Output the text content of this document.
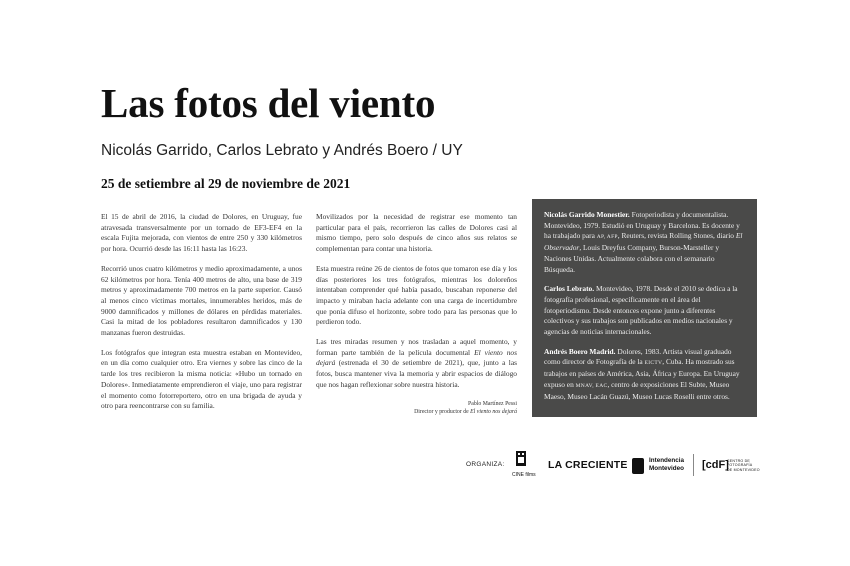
Las fotos del viento

Nicolás Garrido, Carlos Lebrato y Andrés Boero / UY

25 de setiembre al 29 de noviembre de 2021

El 15 de abril de 2016, la ciudad de Dolores, en Uruguay, fue atravesada transversalmente por un tornado de EF3-EF4 en la escala Fujita mejorada, con vientos de entre 250 y 330 kilómetros por hora. Ocurrió desde las 16:11 hasta las 16:23.

Recorrió unos cuatro kilómetros y medio aproximadamente, a unos 62 kilómetros por hora. Tenía 400 metros de alto, una base de 319 metros y aproximadamente 700 metros en la parte superior. Causó al menos cinco víctimas mortales, innumerables heridos, más de 9000 damnificados y millones de dólares en pérdidas materiales. Casi la mitad de los pobladores resultaron damnificados y 130 manzanas fueron destruidas.

Los fotógrafos que integran esta muestra estaban en Montevideo, en un día como cualquier otro. Era viernes y sobre las cinco de la tarde los tres recibieron la misma noticia: «Hubo un tornado en Dolores». Inmediatamente emprendieron el viaje, uno para registrar el momento como fotorreportero, otro en una brigada de ayuda y otro para reencontrarse con su familia.

Movilizados por la necesidad de registrar ese momento tan particular para el país, recorrieron las calles de Dolores casi al mismo tiempo, pero solo después de cinco años sus relatos se complementan para contar una historia.

Esta muestra reúne 26 de cientos de fotos que tomaron ese día y los días posteriores los tres fotógrafos, mientras los doloreños intentaban comprender qué había pasado, buscaban reponerse del impacto y miraban hacia adelante con una carga de incertidumbre que ponía difuso el horizonte, sobre todo para las personas que lo perdieron todo.

Las tres miradas resumen y nos trasladan a aquel momento, y forman parte también de la película documental El viento nos dejará (estrenada el 30 de setiembre de 2021), que, junto a las fotos, busca mantener viva la memoria y abrir espacios de diálogo que nos hagan reflexionar sobre nuestra historia.

Pablo Martínez Pessi
Director y productor de El viento nos dejará

Nicolás Garrido Monestier. Fotoperiodista y documentalista. Montevideo, 1979. Estudió en Uruguay y Barcelona. Es docente y ha trabajado para AP, AFP, Reuters, revista Rolling Stones, diario El Observador, Louis Dreyfus Company, Burson-Marsteller y Naciones Unidas. Actualmente colabora con el semanario Búsqueda.

Carlos Lebrato. Montevideo, 1978. Desde el 2010 se dedica a la fotografía profesional, específicamente en el área del fotoperiodismo. Desde entonces expone junto a diferentes colectivos y sus trabajos son publicados en medios nacionales y agencias de noticias internacionales.

Andrés Boero Madrid. Dolores, 1983. Artista visual graduado como director de Fotografía de la EICTV, Cuba. Ha mostrado sus trabajos en países de América, Asia, África y Europa. En Uruguay expuso en MNAV, EAC, centro de exposiciones El Subte, Museo Maeso, Museo Lacán Guazú, Museo Lucas Roselli entre otros.

ORGANIZA:
CINE films
LA CRECIENTE	Intendencia
Montevideo [cdF]
CENTRO DE
FOTOGRAFÍA
DE MONTEVIDEO
